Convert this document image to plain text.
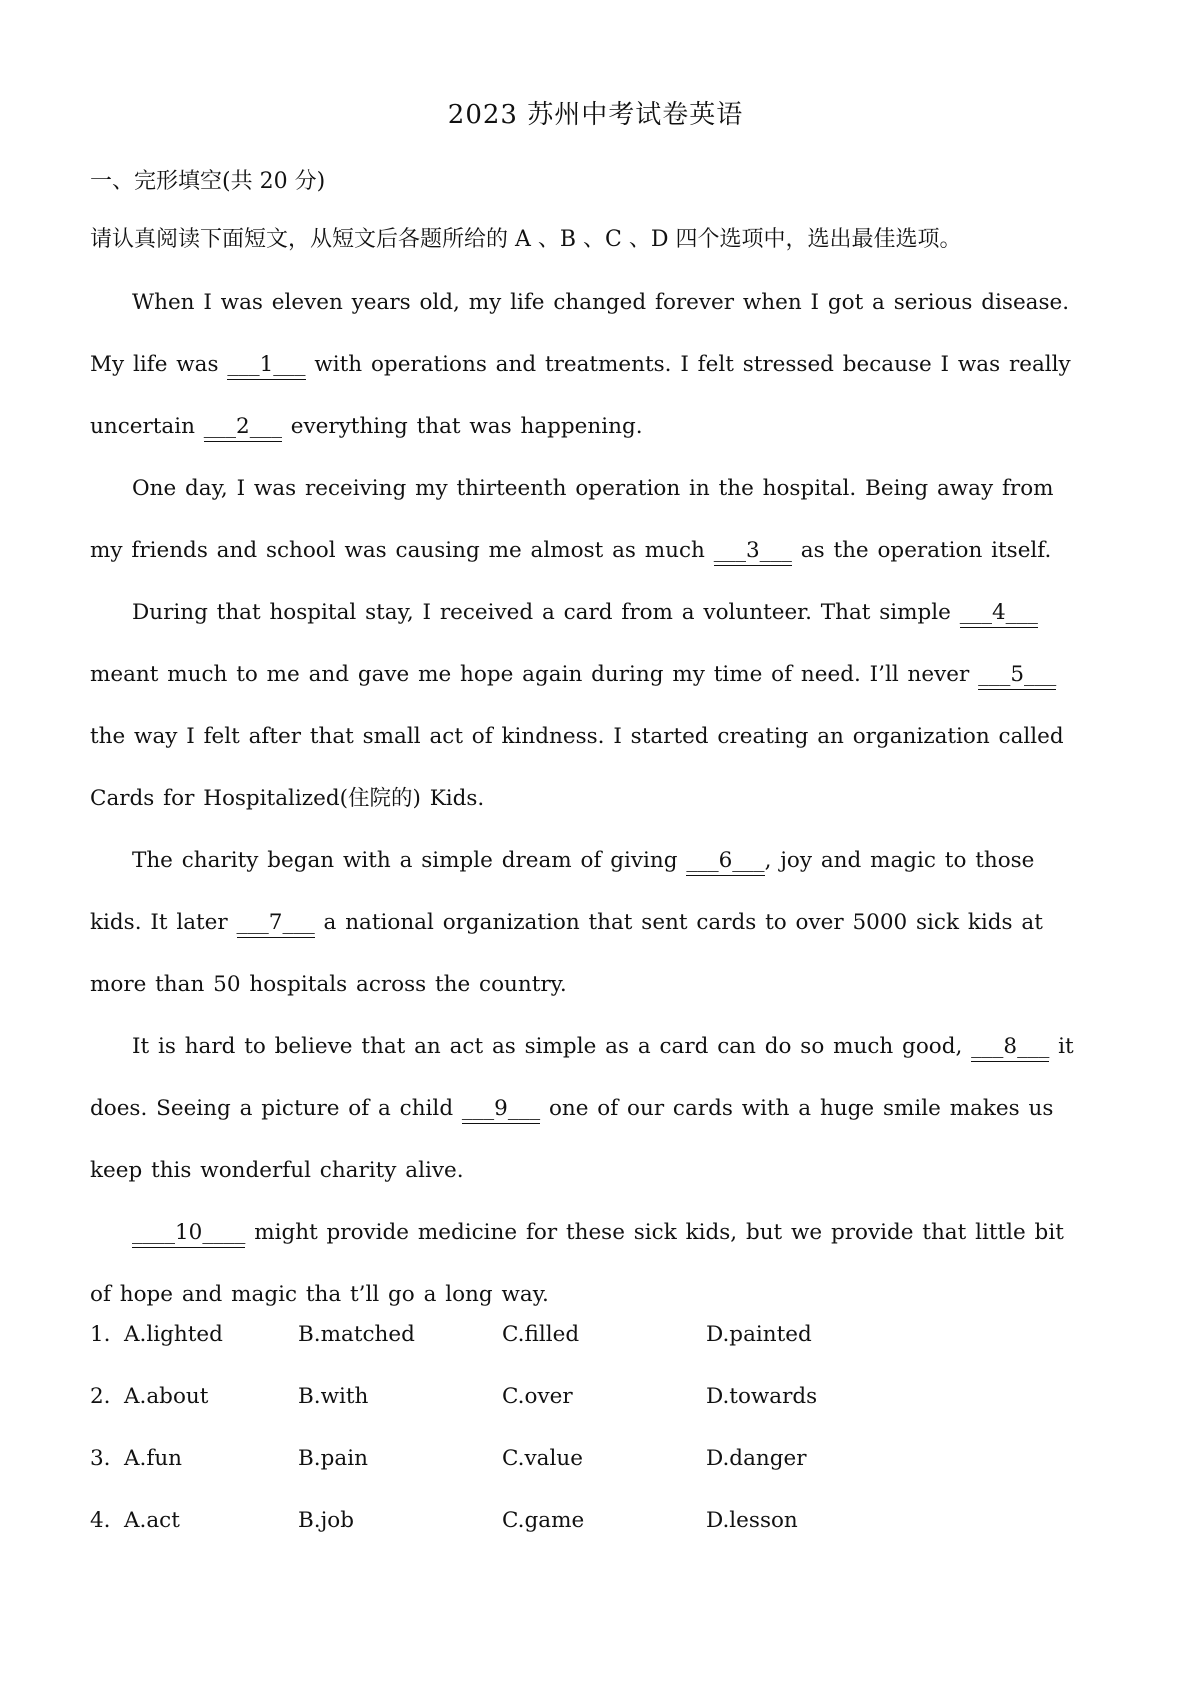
2023 苏州中考试卷英语
一、完形填空(共 20 分)
请认真阅读下面短文，从短文后各题所给的 A 、B 、C 、D 四个选项中，选出最佳选项。
When I was eleven years old, my life changed forever when I got a serious disease.
My life was ___1___ with operations and treatments. I felt stressed because I was really
uncertain ___2___ everything that was happening.
One day, I was receiving my thirteenth operation in the hospital. Being away from
my friends and school was causing me almost as much ___3___ as the operation itself.
During that hospital stay, I received a card from a volunteer. That simple ___4___
meant much to me and gave me hope again during my time of need. I’ll never ___5___
the way I felt after that small act of kindness. I started creating an organization called
Cards for Hospitalized(住院的) Kids.
The charity began with a simple dream of giving ___6___, joy and magic to those
kids. It later ___7___ a national organization that sent cards to over 5000 sick kids at
more than 50 hospitals across the country.
It is hard to believe that an act as simple as a card can do so much good, ___8___ it
does. Seeing a picture of a child ___9___ one of our cards with a huge smile makes us
keep this wonderful charity alive.
____10____ might provide medicine for these sick kids, but we provide that little bit
of hope and magic tha t’ll go a long way.
1. A.lighted	B.matched	C.filled	D.painted
2. A.about	B.with	C.over	D.towards
3. A.fun	B.pain	C.value	D.danger
4. A.act	B.job	C.game	D.lesson
